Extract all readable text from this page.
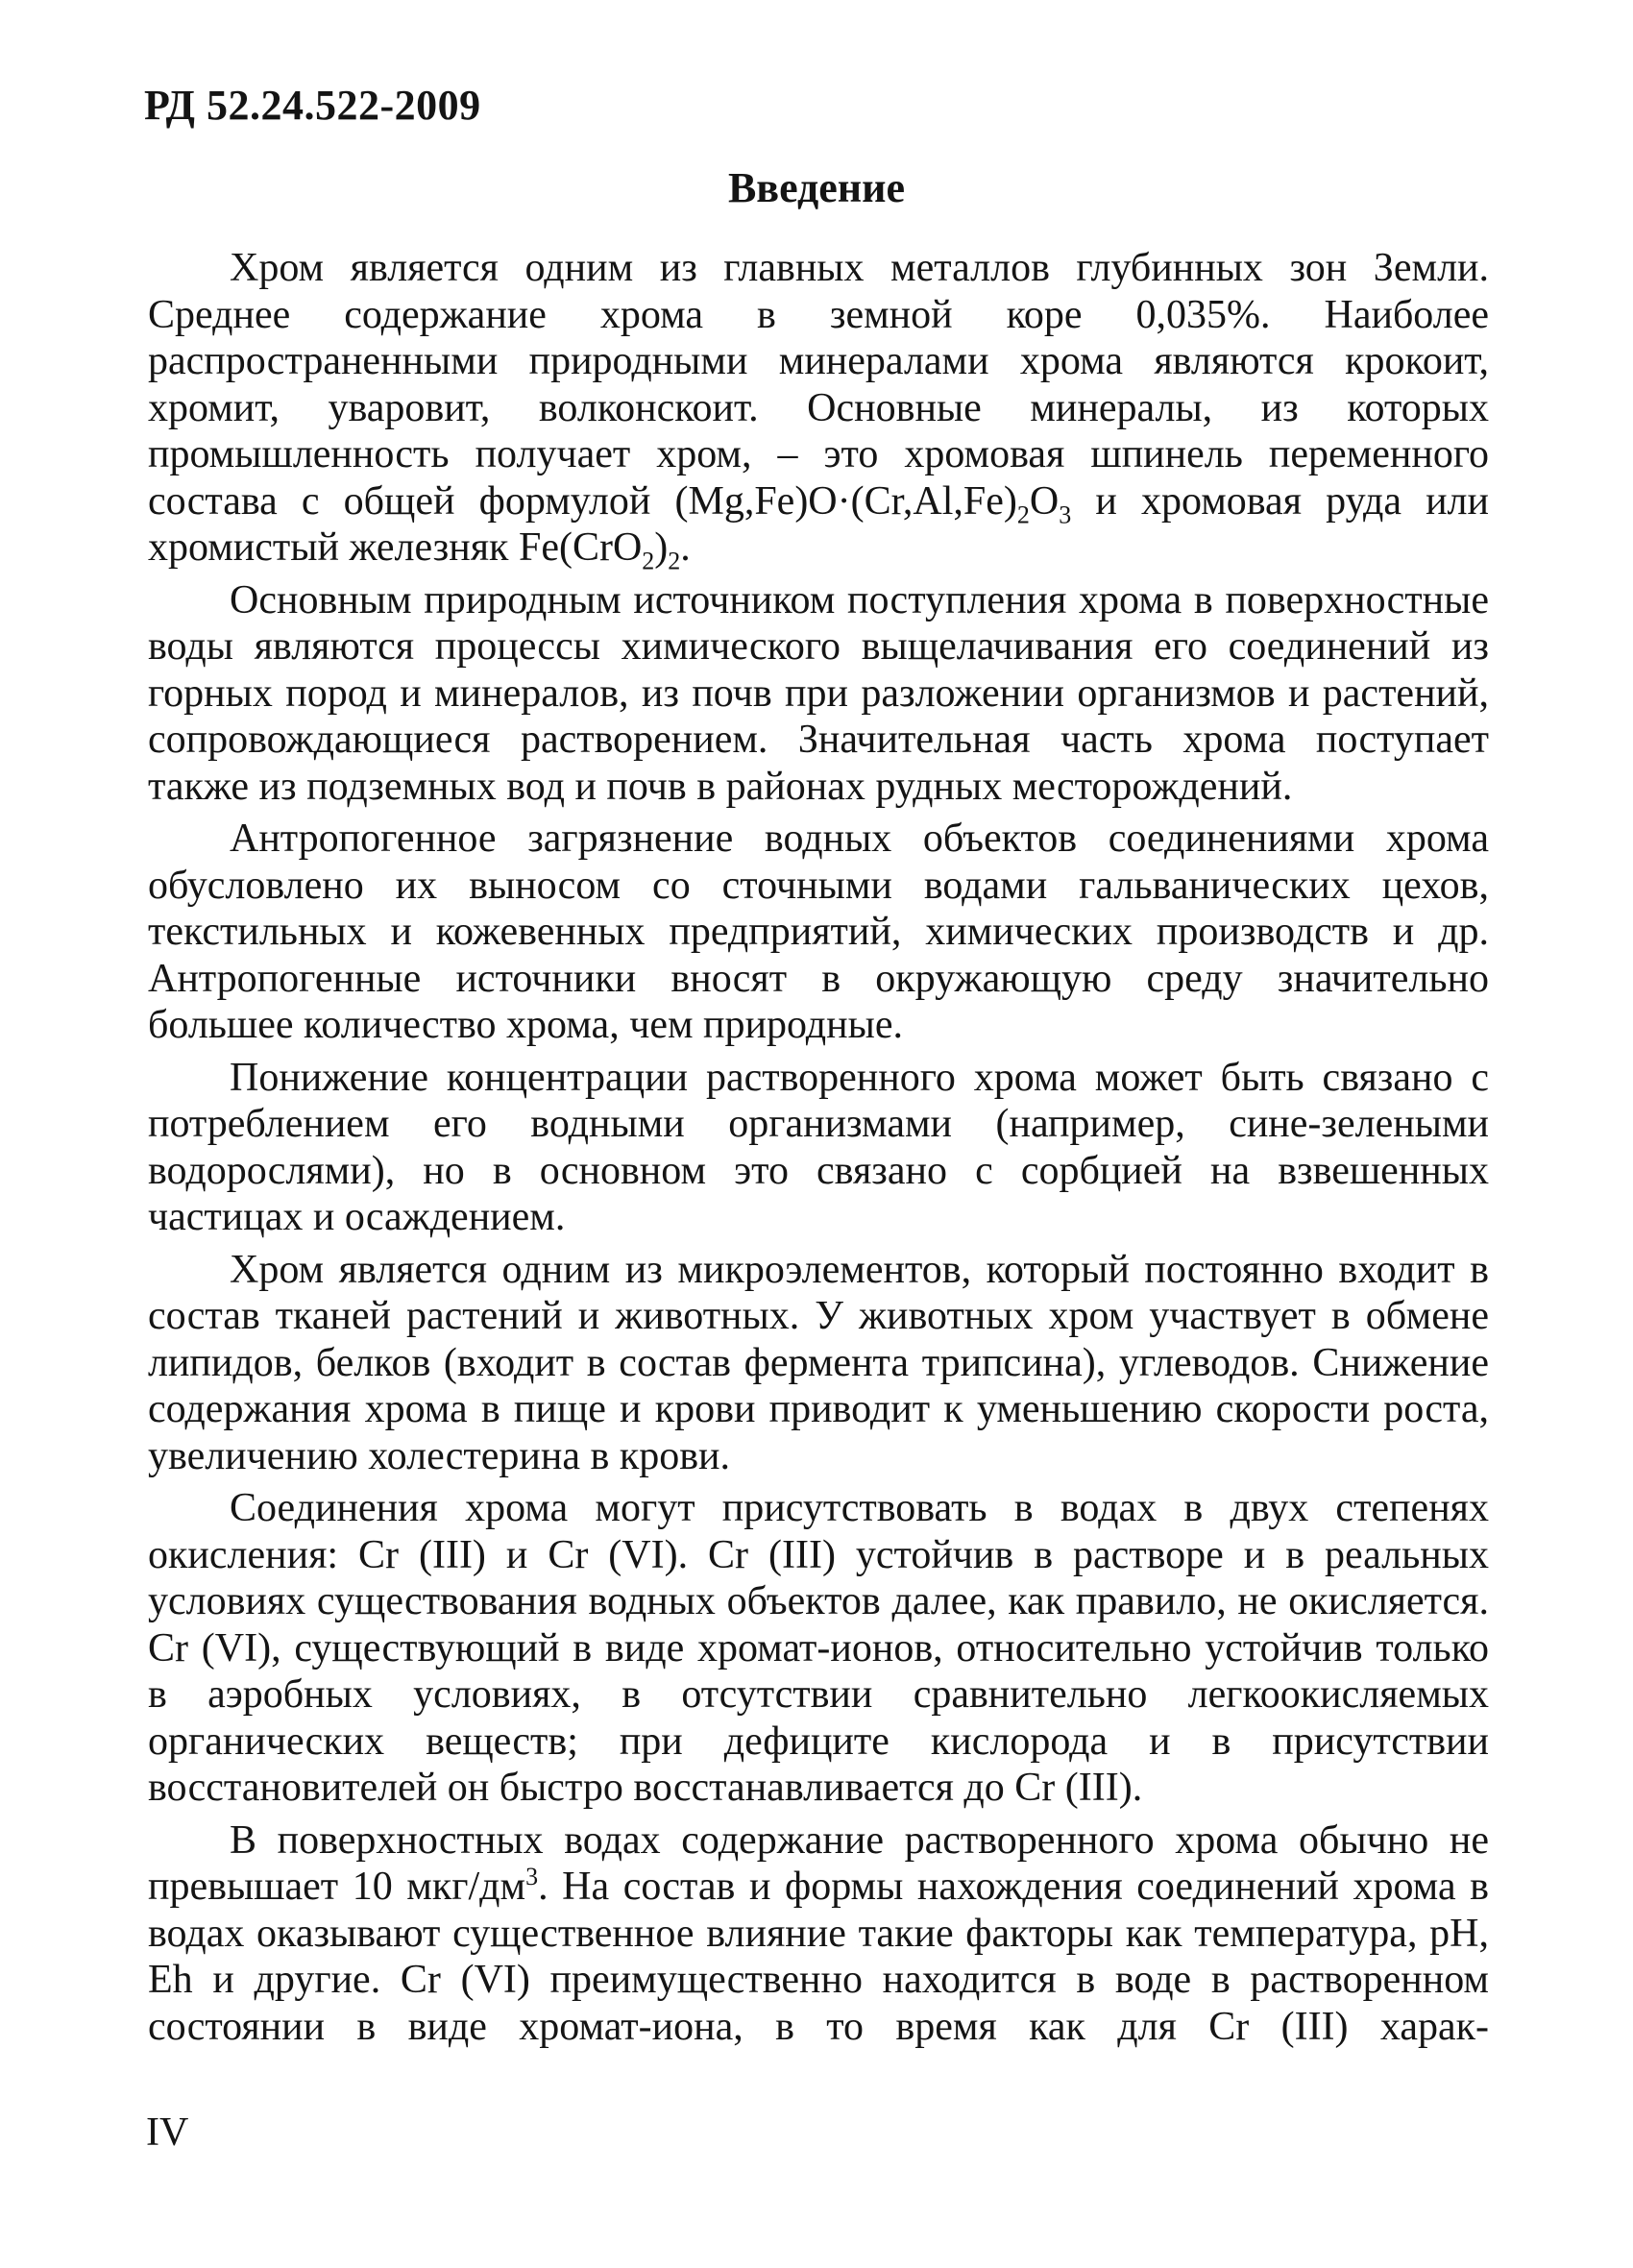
РД 52.24.522-2009
Введение

Хром является одним из главных металлов глубинных зон Земли. Среднее содержание хрома в земной коре 0,035%. Наиболее распространенными природными минералами хрома являются крокоит, хромит, уваровит, волконскоит. Основные минералы, из которых промышленность получает хром, – это хромовая шпинель переменного состава с общей формулой $(Mg,Fe)O\cdot(Cr,Al,Fe)_2O_3$ и хромовая руда или хромистый железняк $Fe(CrO_2)_2$.

Основным природным источником поступления хрома в поверхностные воды являются процессы химического выщелачивания его соединений из горных пород и минералов, из почв при разложении организмов и растений, сопровождающиеся растворением. Значительная часть хрома поступает также из подземных вод и почв в районах рудных месторождений.

Антропогенное загрязнение водных объектов соединениями хрома обусловлено их выносом со сточными водами гальванических цехов, текстильных и кожевенных предприятий, химических производств и др. Антропогенные источники вносят в окружающую среду значительно большее количество хрома, чем природные.

Понижение концентрации растворенного хрома может быть связано с потреблением его водными организмами (например, сине-зелеными водорослями), но в основном это связано с сорбцией на взвешенных частицах и осаждением.

Хром является одним из микроэлементов, который постоянно входит в состав тканей растений и животных. У животных хром участвует в обмене липидов, белков (входит в состав фермента трипсина), углеводов. Снижение содержания хрома в пище и крови приводит к уменьшению скорости роста, увеличению холестерина в крови.

Соединения хрома могут присутствовать в водах в двух степенях окисления: Cr (III) и Cr (VI). Cr (III) устойчив в растворе и в реальных условиях существования водных объектов далее, как правило, не окисляется. Cr (VI), существующий в виде хромат-ионов, относительно устойчив только в аэробных условиях, в отсутствии сравнительно легкоокисляемых органических веществ; при дефиците кислорода и в присутствии восстановителей он быстро восстанавливается до Cr (III).

В поверхностных водах содержание растворенного хрома обычно не превышает 10 мкг/$дм^3$. На состав и формы нахождения соединений хрома в водах оказывают существенное влияние такие факторы как температура, pH, Eh и другие. Cr (VI) преимущественно находится в воде в растворенном состоянии в виде хромат-иона, в то время как для Cr (III) харак-

IV
